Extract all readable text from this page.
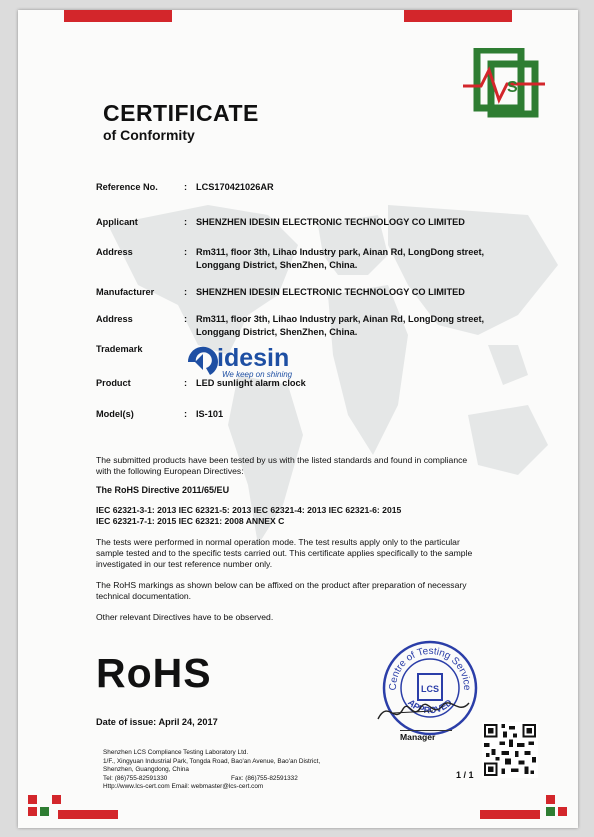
S
CERTIFICATE
of Conformity
Reference No.	: LCS170421026AR
Applicant	: SHENZHEN IDESIN ELECTRONIC TECHNOLOGY CO LIMITED
Address	: Rm311, floor 3th, Lihao Industry park, Ainan Rd, LongDong street,
Longgang District, ShenZhen, China.
Manufacturer	: SHENZHEN IDESIN ELECTRONIC TECHNOLOGY CO LIMITED
Address	: Rm311, floor 3th, Lihao Industry park, Ainan Rd, LongDong street,
Longgang District, ShenZhen, China.
Trademark	idesin
We keep on shining
Product	: LED sunlight alarm clock
Model(s)	: IS-101
The submitted products have been tested by us with the listed standards and found in compliance
with the following European Directives:
The RoHS Directive 2011/65/EU
IEC 62321-3-1: 2013 IEC 62321-5: 2013 IEC 62321-4: 2013 IEC 62321-6: 2015
IEC 62321-7-1: 2015 IEC 62321: 2008 ANNEX C
The tests were performed in normal operation mode. The test results apply only to the particular
sample tested and to the specific tests carried out. This certificate applies specifically to the sample
investigated in our test reference number only.
The RoHS markings as shown below can be affixed on the product after preparation of necessary
technical documentation.
Other relevant Directives have to be observed.
RoHS	Centre of Testing Service
APPROVED
LCS
Manager
Date of issue: April 24, 2017
Shenzhen LCS Compliance Testing Laboratory Ltd.
1/F., Xingyuan Industrial Park, Tongda Road, Bao'an Avenue, Bao'an District,
Shenzhen, Guangdong, China
Tel: (86)755-82591330	Fax: (86)755-82591332
Http://www.lcs-cert.com Email: webmaster@lcs-cert.com
1 / 1
